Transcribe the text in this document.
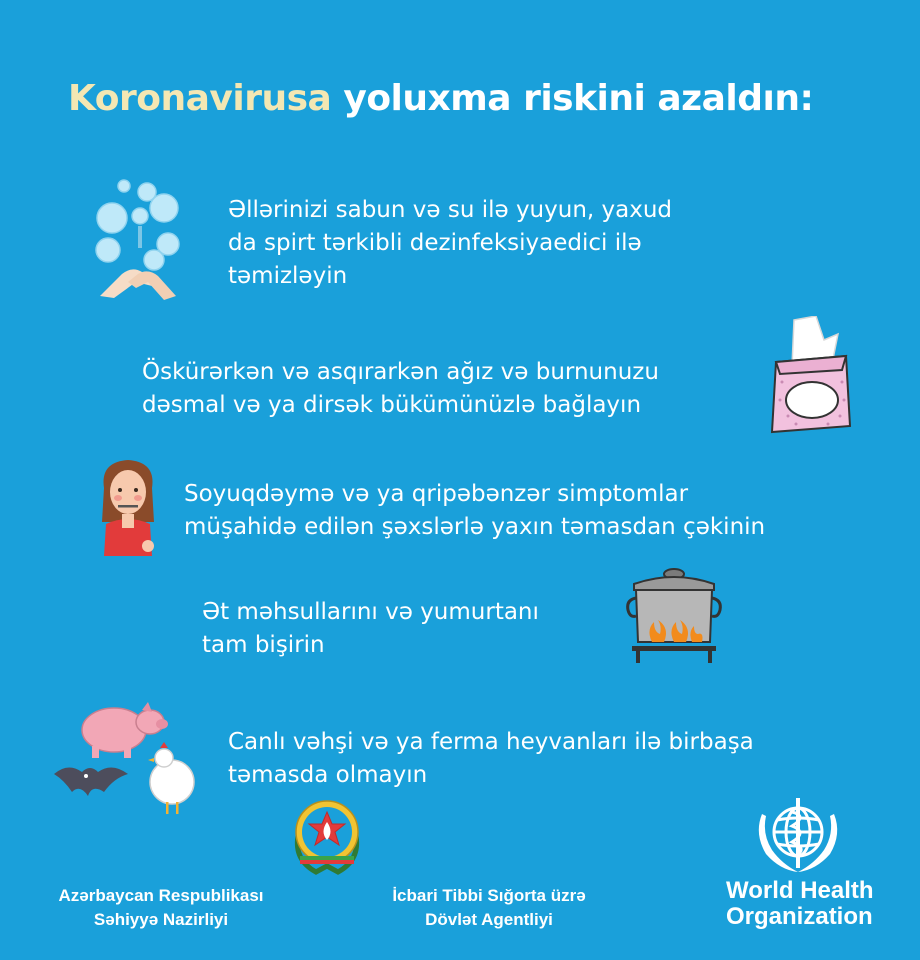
Koronavirusa yoluxma riskini azaldın:
Əllərinizi sabun və su ilə yuyun, yaxud
da spirt tərkibli dezinfeksiyaedici ilə
təmizləyin
Öskürərkən və asqırarkən ağız və burnunuzu
dəsmal və ya dirsək bükümünüzlə bağlayın
Soyuqdəymə və ya qripəbənzər simptomlar
müşahidə edilən şəxslərlə yaxın təmasdan çəkinin
Ət məhsullarını və yumurtanı
tam bişirin
Canlı vəhşi və ya ferma heyvanları ilə birbaşa
təmasda olmayın
Azərbaycan Respublikası
Səhiyyə Nazirliyi
İcbari Tibbi Sığorta üzrə
Dövlət Agentliyi
World Health
Organization
